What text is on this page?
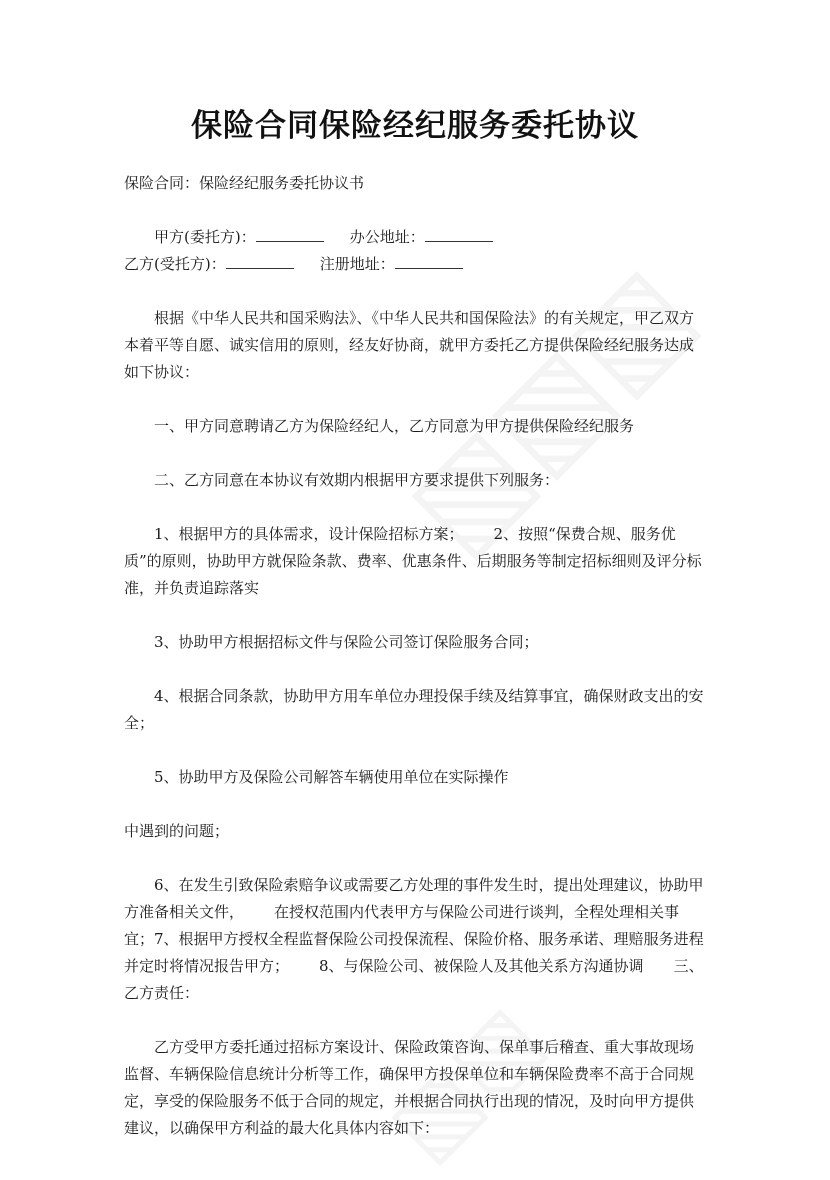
保险合同保险经纪服务委托协议

保险合同：保险经纪服务委托协议书

甲方(委托方)：	办公地址：
乙方(受托方)：	注册地址：

根据《中华人民共和国采购法》、《中华人民共和国保险法》的有关规定，甲乙双方本着平等自愿、诚实信用的原则，经友好协商，就甲方委托乙方提供保险经纪服务达成如下协议：

一、甲方同意聘请乙方为保险经纪人，乙方同意为甲方提供保险经纪服务

二、乙方同意在本协议有效期内根据甲方要求提供下列服务：

1、根据甲方的具体需求，设计保险招标方案； 2、按照“保费合规、服务优质”的原则，协助甲方就保险条款、费率、优惠条件、后期服务等制定招标细则及评分标准，并负责追踪落实

3、协助甲方根据招标文件与保险公司签订保险服务合同；

4、根据合同条款，协助甲方用车单位办理投保手续及结算事宜，确保财政支出的安全；

5、协助甲方及保险公司解答车辆使用单位在实际操作

中遇到的问题；

6、在发生引致保险索赔争议或需要乙方处理的事件发生时，提出处理建议，协助甲方准备相关文件， 在授权范围内代表甲方与保险公司进行谈判，全程处理相关事宜；7、根据甲方授权全程监督保险公司投保流程、保险价格、服务承诺、理赔服务进程并定时将情况报告甲方； 8、与保险公司、被保险人及其他关系方沟通协调 三、乙方责任：

乙方受甲方委托通过招标方案设计、保险政策咨询、保单事后稽查、重大事故现场监督、车辆保险信息统计分析等工作，确保甲方投保单位和车辆保险费率不高于合同规定，享受的保险服务不低于合同的规定，并根据合同执行出现的情况，及时向甲方提供建议，以确保甲方利益的最大化具体内容如下：
